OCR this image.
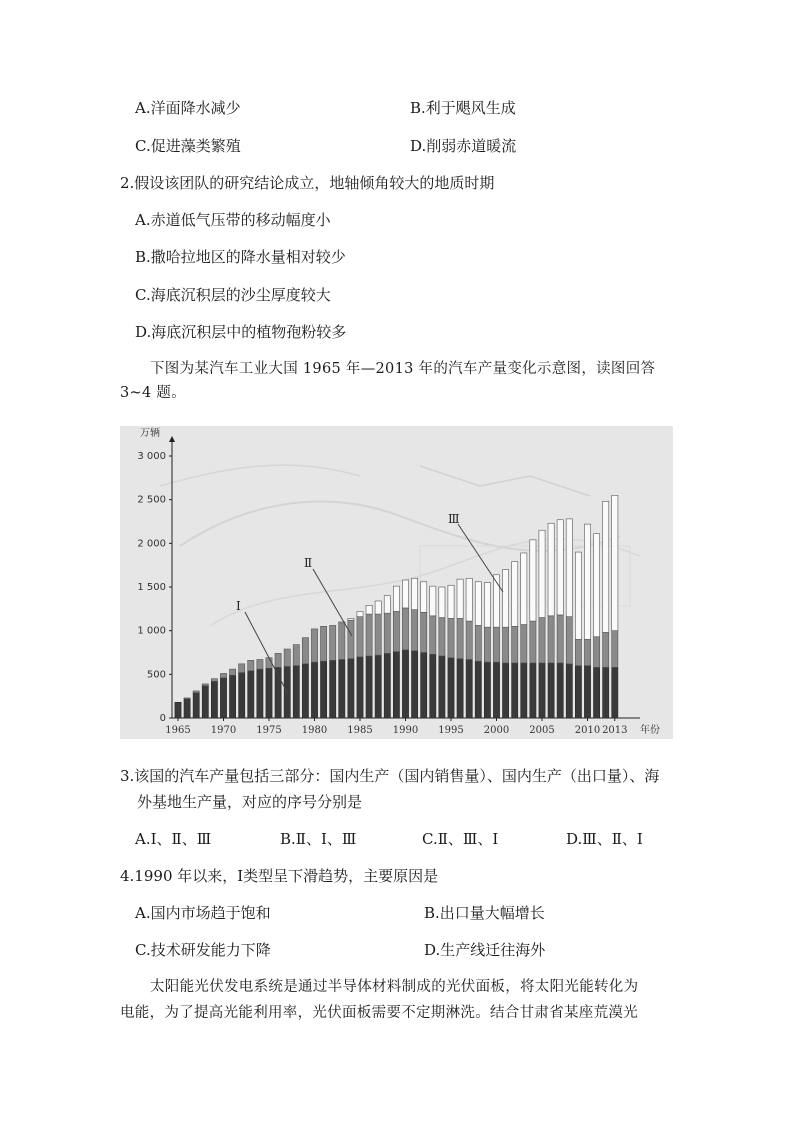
A.洋面降水减少	B.利于飓风生成
C.促进藻类繁殖	D.削弱赤道暖流
2.假设该团队的研究结论成立，地轴倾角较大的地质时期
A.赤道低气压带的移动幅度小
B.撒哈拉地区的降水量相对较少
C.海底沉积层的沙尘厚度较大
D.海底沉积层中的植物孢粉较多
下图为某汽车工业大国 1965 年—2013 年的汽车产量变化示意图，读图回答
3~4 题。
0
500
1 000
1 500
2 000
2 500
3 000
1965 1970 1975 1980 1985 1990 1995 2000 2005 2010 2013
万辆
年份
Ⅰ
Ⅱ
Ⅲ
3.该国的汽车产量包括三部分：国内生产（国内销售量）、国内生产（出口量）、海
外基地生产量，对应的序号分别是
A.Ⅰ、Ⅱ、Ⅲ	B.Ⅱ、Ⅰ、Ⅲ	C.Ⅱ、Ⅲ、Ⅰ	D.Ⅲ、Ⅱ、Ⅰ
4.1990 年以来，Ⅰ类型呈下滑趋势，主要原因是
A.国内市场趋于饱和	B.出口量大幅增长
C.技术研发能力下降	D.生产线迁往海外
太阳能光伏发电系统是通过半导体材料制成的光伏面板，将太阳光能转化为
电能，为了提高光能利用率，光伏面板需要不定期淋洗。结合甘肃省某座荒漠光
